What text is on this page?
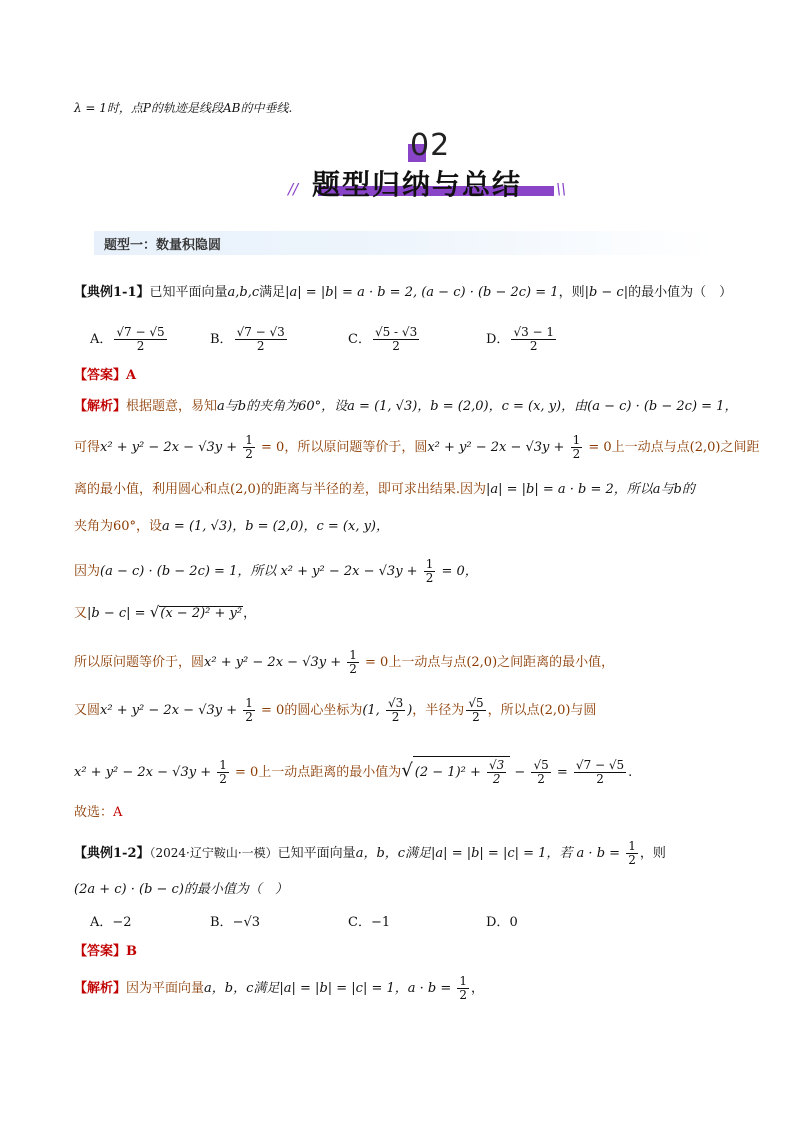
λ = 1时，点P的轨迹是线段AB的中垂线.
02
// 题型归纳与总结 \\
题型一：数量积隐圆
【典例1-1】已知平面向量a,b,c满足|a| = |b| = a · b = 2, (a − c) · (b − 2c) = 1，则|b − c|的最小值为（　）
A． $\frac{√7 - √5}{2}$	B． $\frac{√7 - √3}{2}$	C． $\frac{√5 - √3}{2}$	D． $\frac{√3 - 1}{2}$
【答案】A
【解析】根据题意，易知a与b的夹角为60°，设a = (1, √3)，b = (2,0)，c = (x, y)，由(a − c) · (b − 2c) = 1，
可得$x^2 + y^2 - 2x - √3y + \frac{1}{2} = 0$，所以原问题等价于，圆$x^2 + y^2 - 2x - √3y + \frac{1}{2} = 0$上一动点与点(2,0)之间距
离的最小值，利用圆心和点(2,0)的距离与半径的差，即可求出结果.因为|a| = |b| = a · b = 2，所以a与b的
夹角为60°，设a = (1, √3)，b = (2,0)，c = (x, y)，
因为(a − c) · (b − 2c) = 1，所以 $x^2 + y^2 - 2x - √3y + \frac{1}{2} = 0$，
又|b − c| = √(x − 2)² + y²，
所以原问题等价于，圆$x^2 + y^2 - 2x - √3y + \frac{1}{2} = 0$上一动点与点(2,0)之间距离的最小值，
又圆$x^2 + y^2 - 2x - √3y + \frac{1}{2} = 0$的圆心坐标为(1, $\frac{√3}{2}$ )，半径为 $\frac{√5}{2}$ ，所以点(2,0)与圆
$x^2 + y^2 - 2x - √3y + \frac{1}{2} = 0$上一动点距离的最小值为√ $(2 - 1)^2 + \frac{√3}{2} - \frac{√5}{2} = \frac{√7 - √5}{2}$ .
故选：A
【典例1-2】（2024·辽宁鞍山·一模）已知平面向量a，b，c满足|a| = |b| = |c| = 1，若 $a \cdot b = \frac{1}{2}$ ，则
(2a + c) · (b − c)的最小值为（　）
A．−2	B．−√3	C．−1	D．0
【答案】B
【解析】因为平面向量a，b，c满足|a| = |b| = |c| = 1，$a \cdot b = \frac{1}{2}$ ，
